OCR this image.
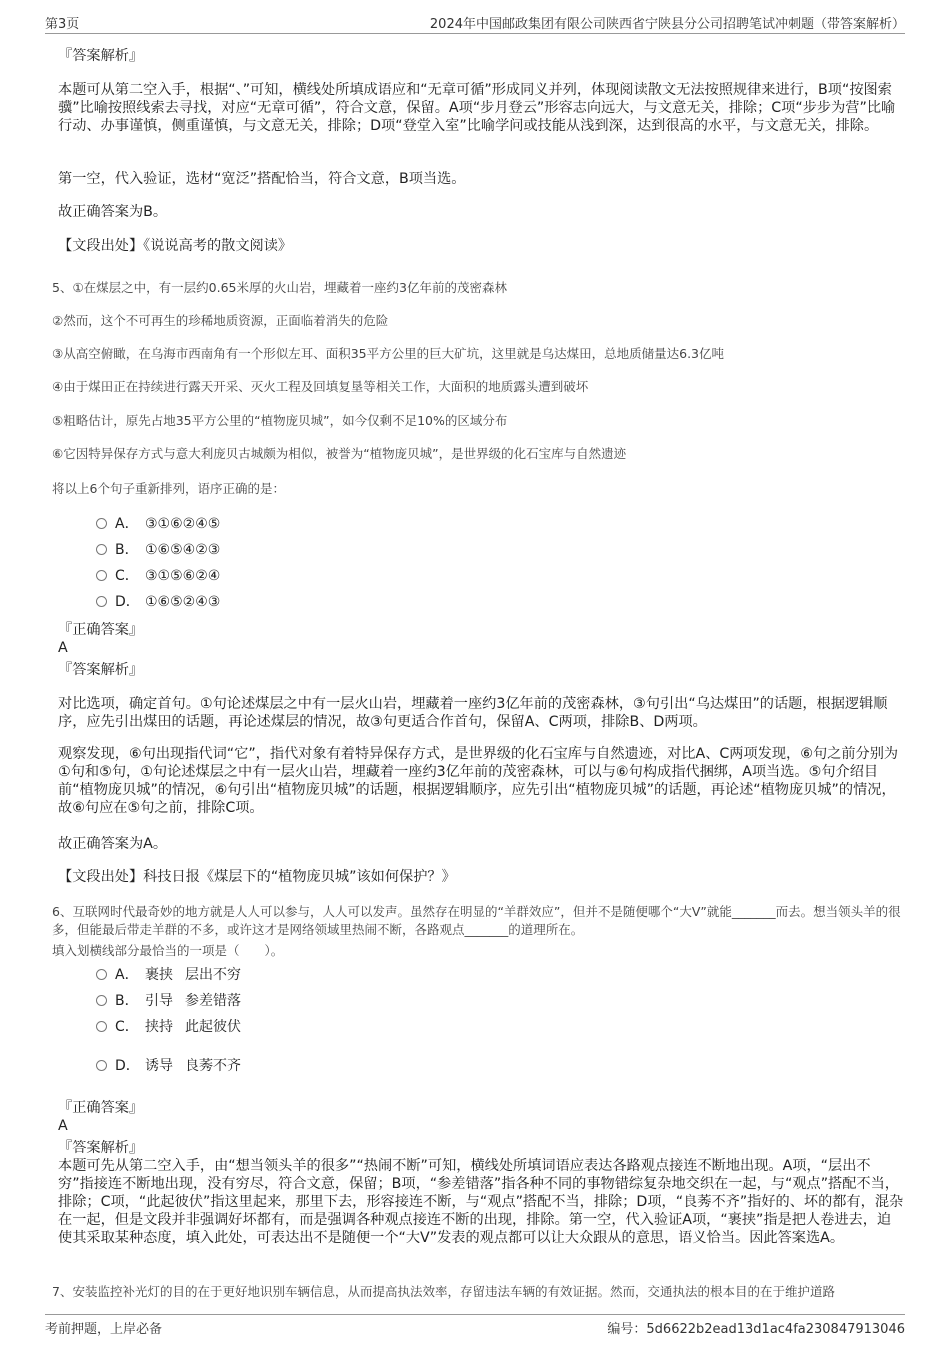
第3页	2024年中国邮政集团有限公司陕西省宁陕县分公司招聘笔试冲刺题（带答案解析）
『答案解析』
本题可从第二空入手，根据“、”可知，横线处所填成语应和“无章可循”形成同义并列，体现阅读散文无法按照规律来进行，B项“按图索骥”比喻按照线索去寻找，对应“无章可循”，符合文意，保留。A项“步月登云”形容志向远大，与文意无关，排除；C项“步步为营”比喻行动、办事谨慎，侧重谨慎，与文意无关，排除；D项“登堂入室”比喻学问或技能从浅到深，达到很高的水平，与文意无关，排除。
第一空，代入验证，选材“宽泛”搭配恰当，符合文意，B项当选。
故正确答案为B。
【文段出处】《说说高考的散文阅读》
5、①在煤层之中，有一层约0.65米厚的火山岩，埋藏着一座约3亿年前的茂密森林
②然而，这个不可再生的珍稀地质资源，正面临着消失的危险
③从高空俯瞰，在乌海市西南角有一个形似左耳、面积35平方公里的巨大矿坑，这里就是乌达煤田，总地质储量达6.3亿吨
④由于煤田正在持续进行露天开采、灭火工程及回填复垦等相关工作，大面积的地质露头遭到破坏
⑤粗略估计，原先占地35平方公里的“植物庞贝城”，如今仅剩不足10%的区域分布
⑥它因特异保存方式与意大利庞贝古城颇为相似，被誉为“植物庞贝城”，是世界级的化石宝库与自然遗迹
将以上6个句子重新排列，语序正确的是：
A． ③①⑥②④⑤
B． ①⑥⑤④②③
C． ③①⑤⑥②④
D． ①⑥⑤②④③
『正确答案』
A
『答案解析』
对比选项，确定首句。①句论述煤层之中有一层火山岩，埋藏着一座约3亿年前的茂密森林，③句引出“乌达煤田”的话题，根据逻辑顺序，应先引出煤田的话题，再论述煤层的情况，故③句更适合作首句，保留A、C两项，排除B、D两项。
观察发现，⑥句出现指代词“它”，指代对象有着特异保存方式，是世界级的化石宝库与自然遗迹，对比A、C两项发现，⑥句之前分别为①句和⑤句，①句论述煤层之中有一层火山岩，埋藏着一座约3亿年前的茂密森林，可以与⑥句构成指代捆绑，A项当选。⑤句介绍目前“植物庞贝城”的情况，⑥句引出“植物庞贝城”的话题，根据逻辑顺序，应先引出“植物庞贝城”的话题，再论述“植物庞贝城”的情况，故⑥句应在⑤句之前，排除C项。
故正确答案为A。
【文段出处】科技日报《煤层下的“植物庞贝城”该如何保护？》
6、互联网时代最奇妙的地方就是人人可以参与，人人可以发声。虽然存在明显的“羊群效应”，但并不是随便哪个“大V”就能_______而去。想当领头羊的很多，但能最后带走羊群的不多，或许这才是网络领域里热闹不断，各路观点_______的道理所在。
填入划横线部分最恰当的一项是（　　）。
A． 裹挟 层出不穷
B． 引导 参差错落
C． 挟持 此起彼伏
D． 诱导 良莠不齐
『正确答案』
A
『答案解析』
本题可先从第二空入手，由“想当领头羊的很多”“热闹不断”可知，横线处所填词语应表达各路观点接连不断地出现。A项，“层出不穷”指接连不断地出现，没有穷尽，符合文意，保留；B项，“参差错落”指各种不同的事物错综复杂地交织在一起，与“观点”搭配不当，排除；C项，“此起彼伏”指这里起来，那里下去，形容接连不断，与“观点”搭配不当，排除；D项，“良莠不齐”指好的、坏的都有，混杂在一起，但是文段并非强调好坏都有，而是强调各种观点接连不断的出现，排除。第一空，代入验证A项，“裹挟”指是把人卷进去，迫使其采取某种态度，填入此处，可表达出不是随便一个“大V”发表的观点都可以让大众跟从的意思，语义恰当。因此答案选A。
7、安装监控补光灯的目的在于更好地识别车辆信息，从而提高执法效率，存留违法车辆的有效证据。然而，交通执法的根本目的在于维护道路
考前押题，上岸必备	编号：5d6622b2ead13d1ac4fa230847913046
